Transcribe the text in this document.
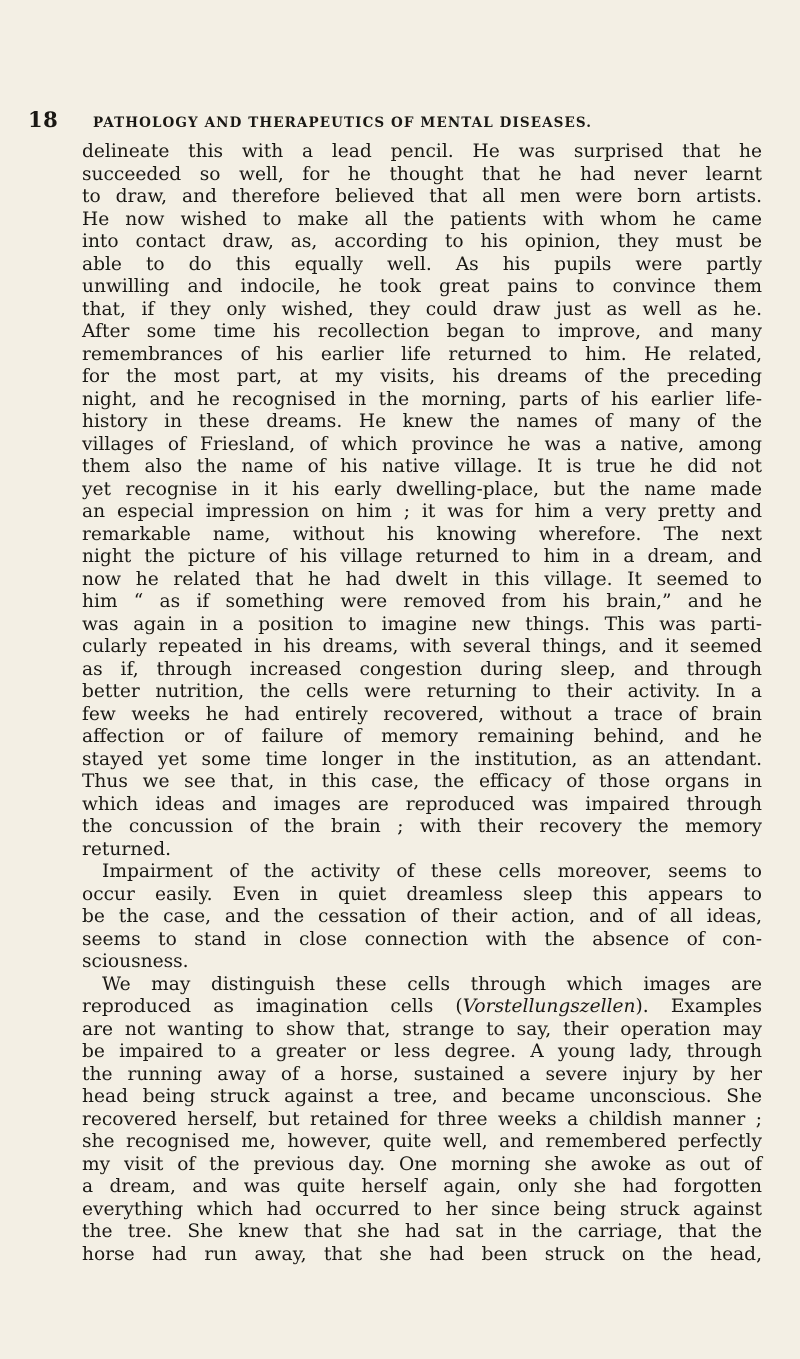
18	PATHOLOGY AND THERAPEUTICS OF MENTAL DISEASES.
delineate this with a lead pencil. He was surprised that he
succeeded so well, for he thought that he had never learnt
to draw, and therefore believed that all men were born artists.
He now wished to make all the patients with whom he came
into contact draw, as, according to his opinion, they must be
able to do this equally well. As his pupils were partly
unwilling and indocile, he took great pains to convince them
that, if they only wished, they could draw just as well as he.
After some time his recollection began to improve, and many
remembrances of his earlier life returned to him. He related,
for the most part, at my visits, his dreams of the preceding
night, and he recognised in the morning, parts of his earlier life-
history in these dreams. He knew the names of many of the
villages of Friesland, of which province he was a native, among
them also the name of his native village. It is true he did not
yet recognise in it his early dwelling-place, but the name made
an especial impression on him ; it was for him a very pretty and
remarkable name, without his knowing wherefore. The next
night the picture of his village returned to him in a dream, and
now he related that he had dwelt in this village. It seemed to
him “ as if something were removed from his brain,” and he
was again in a position to imagine new things. This was parti-
cularly repeated in his dreams, with several things, and it seemed
as if, through increased congestion during sleep, and through
better nutrition, the cells were returning to their activity. In a
few weeks he had entirely recovered, without a trace of brain
affection or of failure of memory remaining behind, and he
stayed yet some time longer in the institution, as an attendant.
Thus we see that, in this case, the efficacy of those organs in
which ideas and images are reproduced was impaired through
the concussion of the brain ; with their recovery the memory
returned.
Impairment of the activity of these cells moreover, seems to
occur easily. Even in quiet dreamless sleep this appears to
be the case, and the cessation of their action, and of all ideas,
seems to stand in close connection with the absence of con-
sciousness.
We may distinguish these cells through which images are
reproduced as imagination cells (Vorstellungszellen). Examples
are not wanting to show that, strange to say, their operation may
be impaired to a greater or less degree. A young lady, through
the running away of a horse, sustained a severe injury by her
head being struck against a tree, and became unconscious. She
recovered herself, but retained for three weeks a childish manner ;
she recognised me, however, quite well, and remembered perfectly
my visit of the previous day. One morning she awoke as out of
a dream, and was quite herself again, only she had forgotten
everything which had occurred to her since being struck against
the tree. She knew that she had sat in the carriage, that the
horse had run away, that she had been struck on the head,
